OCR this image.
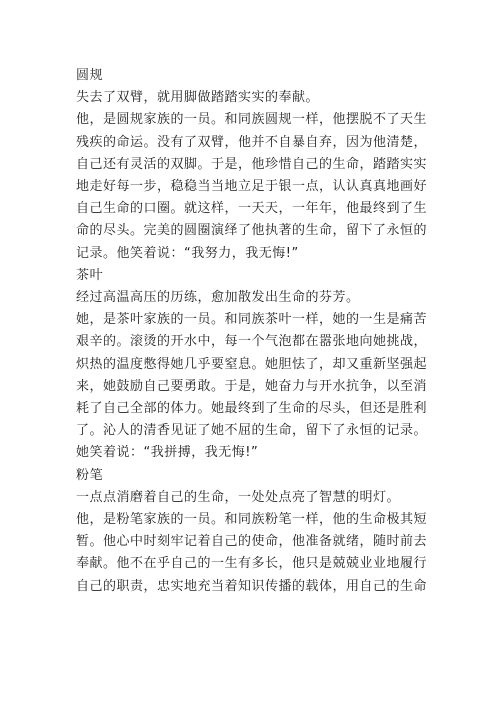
圆规
失去了双臂，就用脚做踏踏实实的奉献。
他，是圆规家族的一员。和同族圆规一样，他摆脱不了天生
残疾的命运。没有了双臂，他并不自暴自弃，因为他清楚，
自己还有灵活的双脚。于是，他珍惜自己的生命，踏踏实实
地走好每一步，稳稳当当地立足于银一点，认认真真地画好
自己生命的口圈。就这样，一天天，一年年，他最终到了生
命的尽头。完美的圆圈演绎了他执著的生命，留下了永恒的
记录。他笑着说：“我努力，我无悔!”
茶叶
经过高温高压的历练，愈加散发出生命的芬芳。
她，是茶叶家族的一员。和同族茶叶一样，她的一生是痛苦
艰辛的。滚烫的开水中，每一个气泡都在嚣张地向她挑战，
炽热的温度憋得她几乎要窒息。她胆怯了，却又重新坚强起
来，她鼓励自己要勇敢。于是，她奋力与开水抗争，以至消
耗了自己全部的体力。她最终到了生命的尽头，但还是胜利
了。沁人的清香见证了她不屈的生命，留下了永恒的记录。
她笑着说：“我拼搏，我无悔!”
粉笔
一点点消磨着自己的生命，一处处点亮了智慧的明灯。
他，是粉笔家族的一员。和同族粉笔一样，他的生命极其短
暂。他心中时刻牢记着自己的使命，他准备就绪，随时前去
奉献。他不在乎自己的一生有多长，他只是兢兢业业地履行
自己的职责，忠实地充当着知识传播的载体，用自己的生命
